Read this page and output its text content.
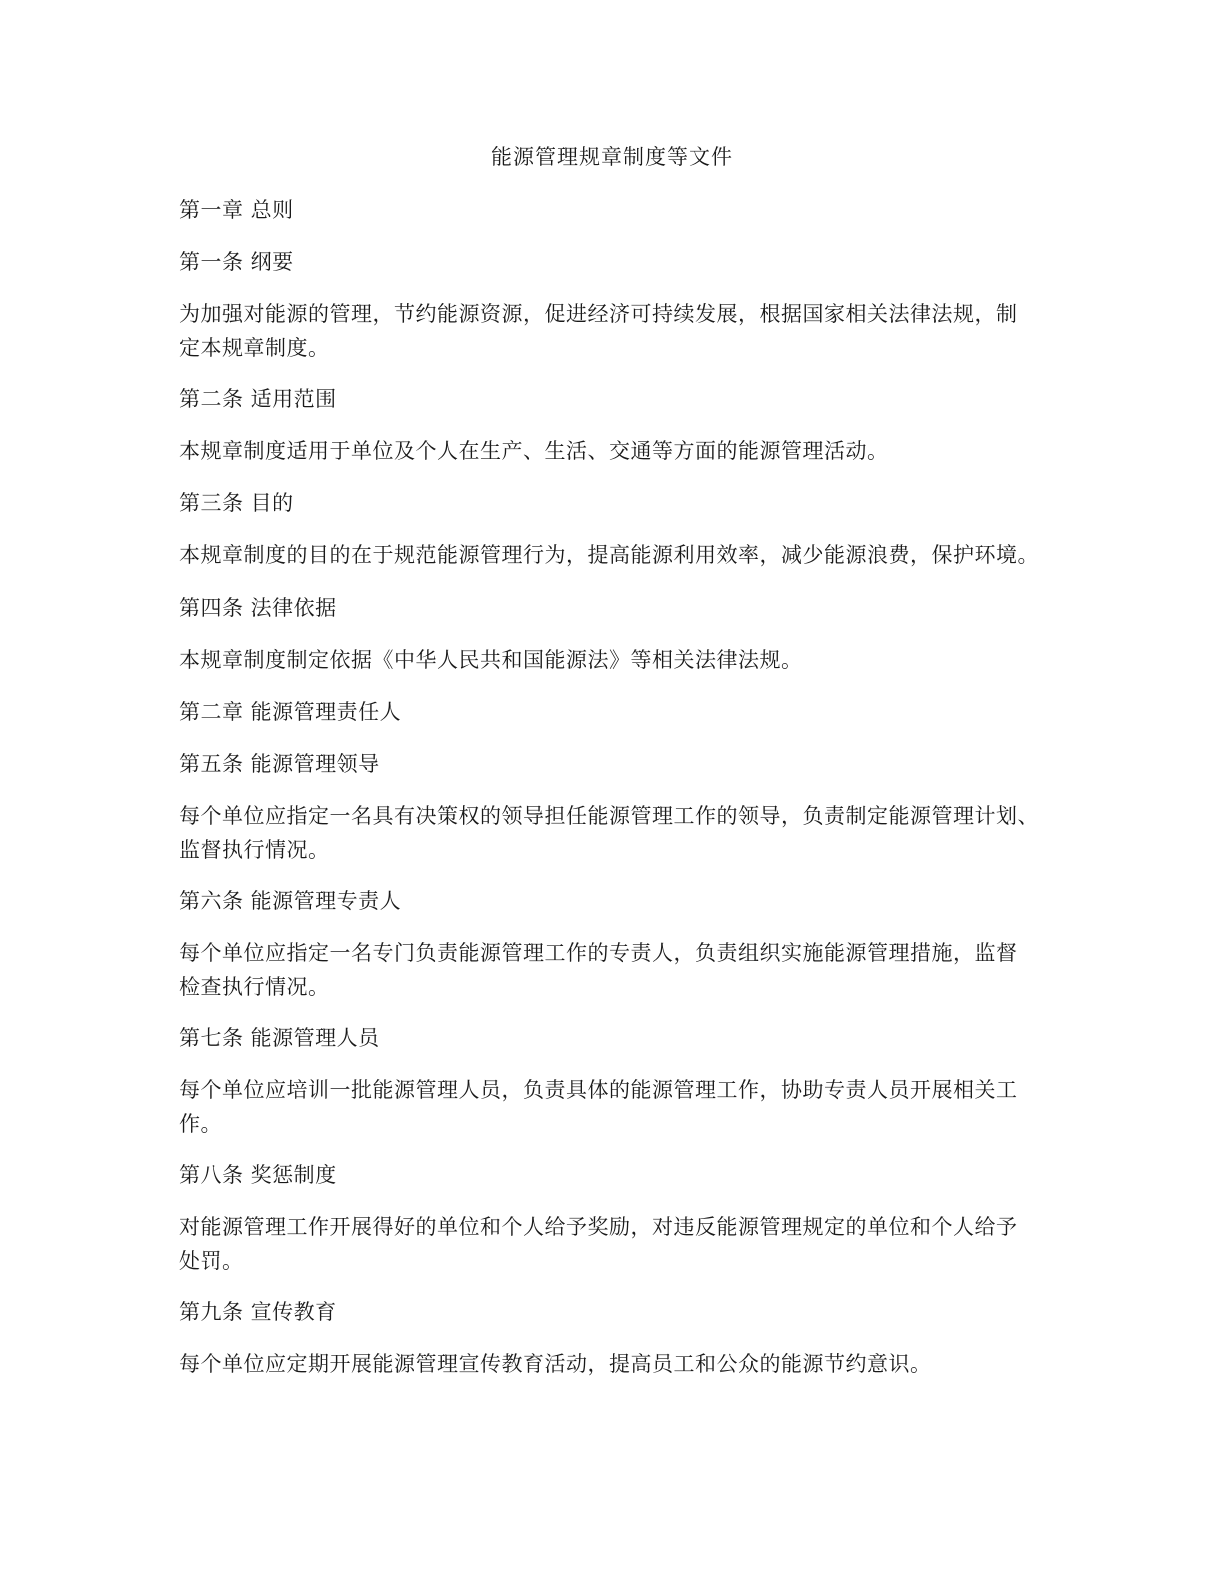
能源管理规章制度等文件
第一章 总则
第一条 纲要
为加强对能源的管理，节约能源资源，促进经济可持续发展，根据国家相关法律法规，制
定本规章制度。
第二条 适用范围
本规章制度适用于单位及个人在生产、生活、交通等方面的能源管理活动。
第三条 目的
本规章制度的目的在于规范能源管理行为，提高能源利用效率，减少能源浪费，保护环境。
第四条 法律依据
本规章制度制定依据《中华人民共和国能源法》等相关法律法规。
第二章 能源管理责任人
第五条 能源管理领导
每个单位应指定一名具有决策权的领导担任能源管理工作的领导，负责制定能源管理计划、
监督执行情况。
第六条 能源管理专责人
每个单位应指定一名专门负责能源管理工作的专责人，负责组织实施能源管理措施，监督
检查执行情况。
第七条 能源管理人员
每个单位应培训一批能源管理人员，负责具体的能源管理工作，协助专责人员开展相关工
作。
第八条 奖惩制度
对能源管理工作开展得好的单位和个人给予奖励，对违反能源管理规定的单位和个人给予
处罚。
第九条 宣传教育
每个单位应定期开展能源管理宣传教育活动，提高员工和公众的能源节约意识。
